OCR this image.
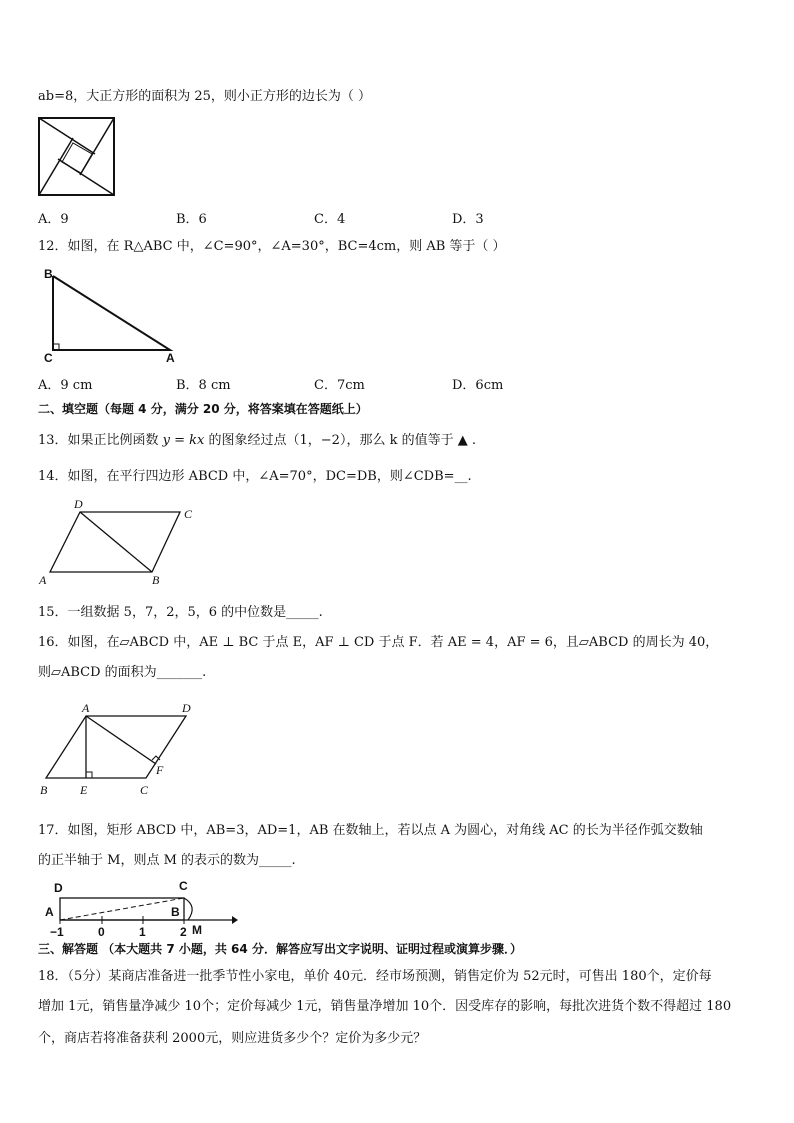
ab=8，大正方形的面积为 25，则小正方形的边长为（ ）
A．9	B．6	C．4	D．3
12．如图，在 R△ABC 中，∠C=90°，∠A=30°，BC=4cm，则 AB 等于（ ）
B
C	A
A．9 cm	B．8 cm	C．7cm	D．6cm
二、填空题（每题 4 分，满分 20 分，将答案填在答题纸上）
13．如果正比例函数 𝑦 = 𝑘𝑥 的图象经过点（1，−2），那么 k 的值等于 ▲ .
14．如图，在平行四边形 ABCD 中，∠A=70°，DC=DB，则∠CDB=__.
D
C
A	B
15．一组数据 5，7，2，5，6 的中位数是_____.
16．如图，在▱ABCD 中，AE ⊥ BC 于点 E，AF ⊥ CD 于点 F．若 AE = 4，AF = 6，且▱ABCD 的周长为 40，
则▱ABCD 的面积为_______.
A	D
F
B	E	C
17．如图，矩形 ABCD 中，AB=3，AD=1，AB 在数轴上，若以点 A 为圆心，对角线 AC 的长为半径作弧交数轴
的正半轴于 M，则点 M 的表示的数为_____.
D	C
A	B
M
−1	0	1	2
三、解答题 （本大题共 7 小题，共 64 分．解答应写出文字说明、证明过程或演算步骤．）
18．（5分）某商店准备进一批季节性小家电，单价 40元．经市场预测，销售定价为 52元时，可售出 180个，定价每
增加 1元，销售量净减少 10个；定价每减少 1元，销售量净增加 10个．因受库存的影响，每批次进货个数不得超过 180
个，商店若将准备获利 2000元，则应进货多少个？定价为多少元？
